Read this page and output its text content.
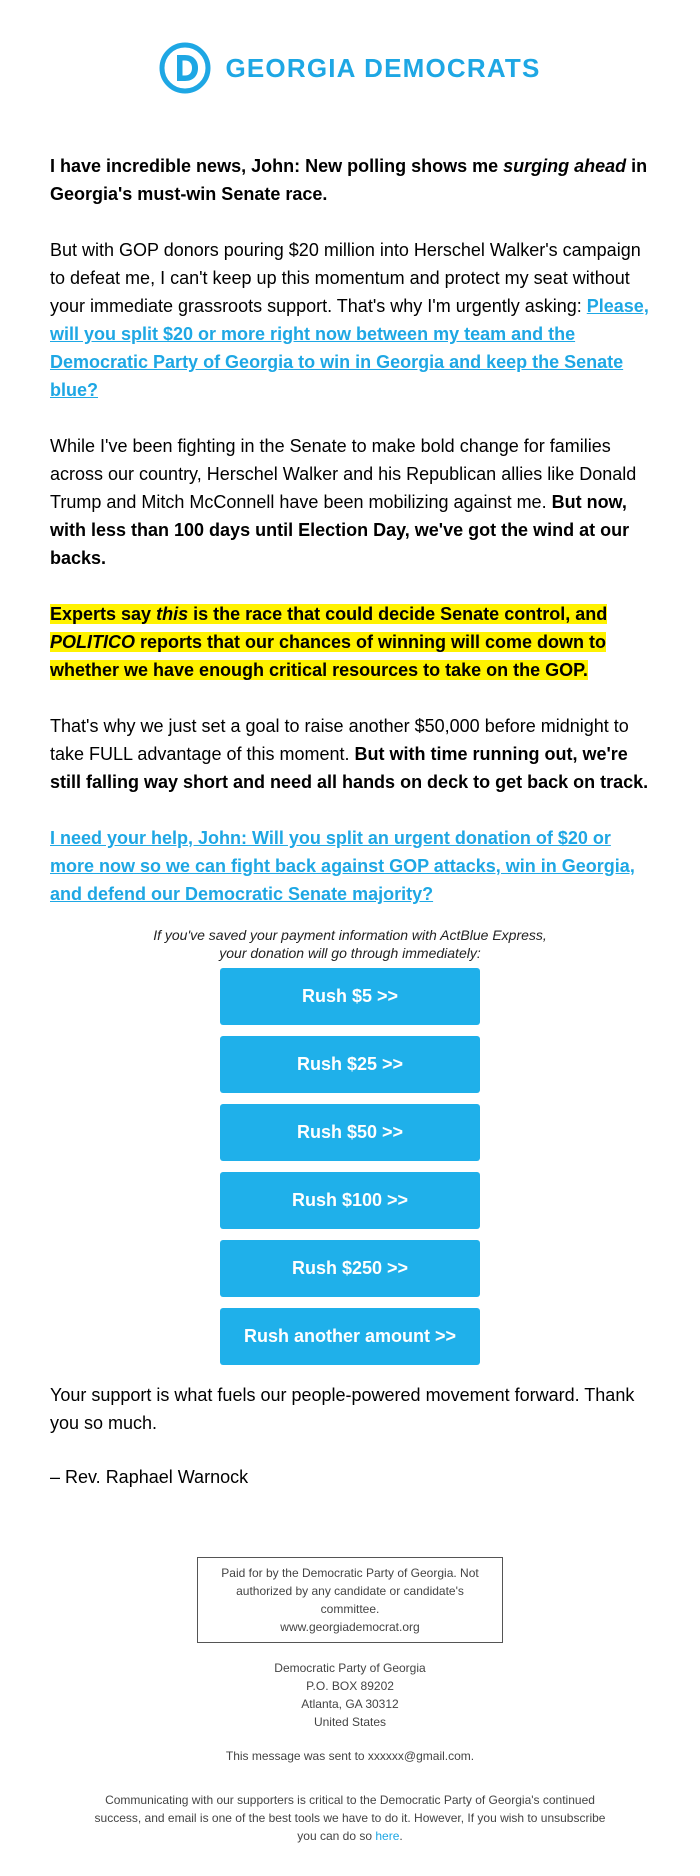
GEORGIA DEMOCRATS

I have incredible news, John: New polling shows me surging ahead in Georgia's must-win Senate race.

But with GOP donors pouring $20 million into Herschel Walker's campaign to defeat me, I can't keep up this momentum and protect my seat without your immediate grassroots support. That's why I'm urgently asking: Please, will you split $20 or more right now between my team and the Democratic Party of Georgia to win in Georgia and keep the Senate blue?

While I've been fighting in the Senate to make bold change for families across our country, Herschel Walker and his Republican allies like Donald Trump and Mitch McConnell have been mobilizing against me. But now, with less than 100 days until Election Day, we've got the wind at our backs.

Experts say this is the race that could decide Senate control, and POLITICO reports that our chances of winning will come down to whether we have enough critical resources to take on the GOP.

That's why we just set a goal to raise another $50,000 before midnight to take FULL advantage of this moment. But with time running out, we're still falling way short and need all hands on deck to get back on track.

I need your help, John: Will you split an urgent donation of $20 or more now so we can fight back against GOP attacks, win in Georgia, and defend our Democratic Senate majority?

If you've saved your payment information with ActBlue Express,
your donation will go through immediately:
Rush $5 >>
Rush $25 >>
Rush $50 >>
Rush $100 >>
Rush $250 >>
Rush another amount >>

Your support is what fuels our people-powered movement forward. Thank you so much.

– Rev. Raphael Warnock

Paid for by the Democratic Party of Georgia. Not authorized by any candidate or candidate's committee.
www.georgiademocrat.org
Democratic Party of Georgia
P.O. BOX 89202
Atlanta, GA 30312
United States
This message was sent to xxxxxx@gmail.com.
Communicating with our supporters is critical to the Democratic Party of Georgia's continued success, and email is one of the best tools we have to do it. However, If you wish to unsubscribe you can do so here.
